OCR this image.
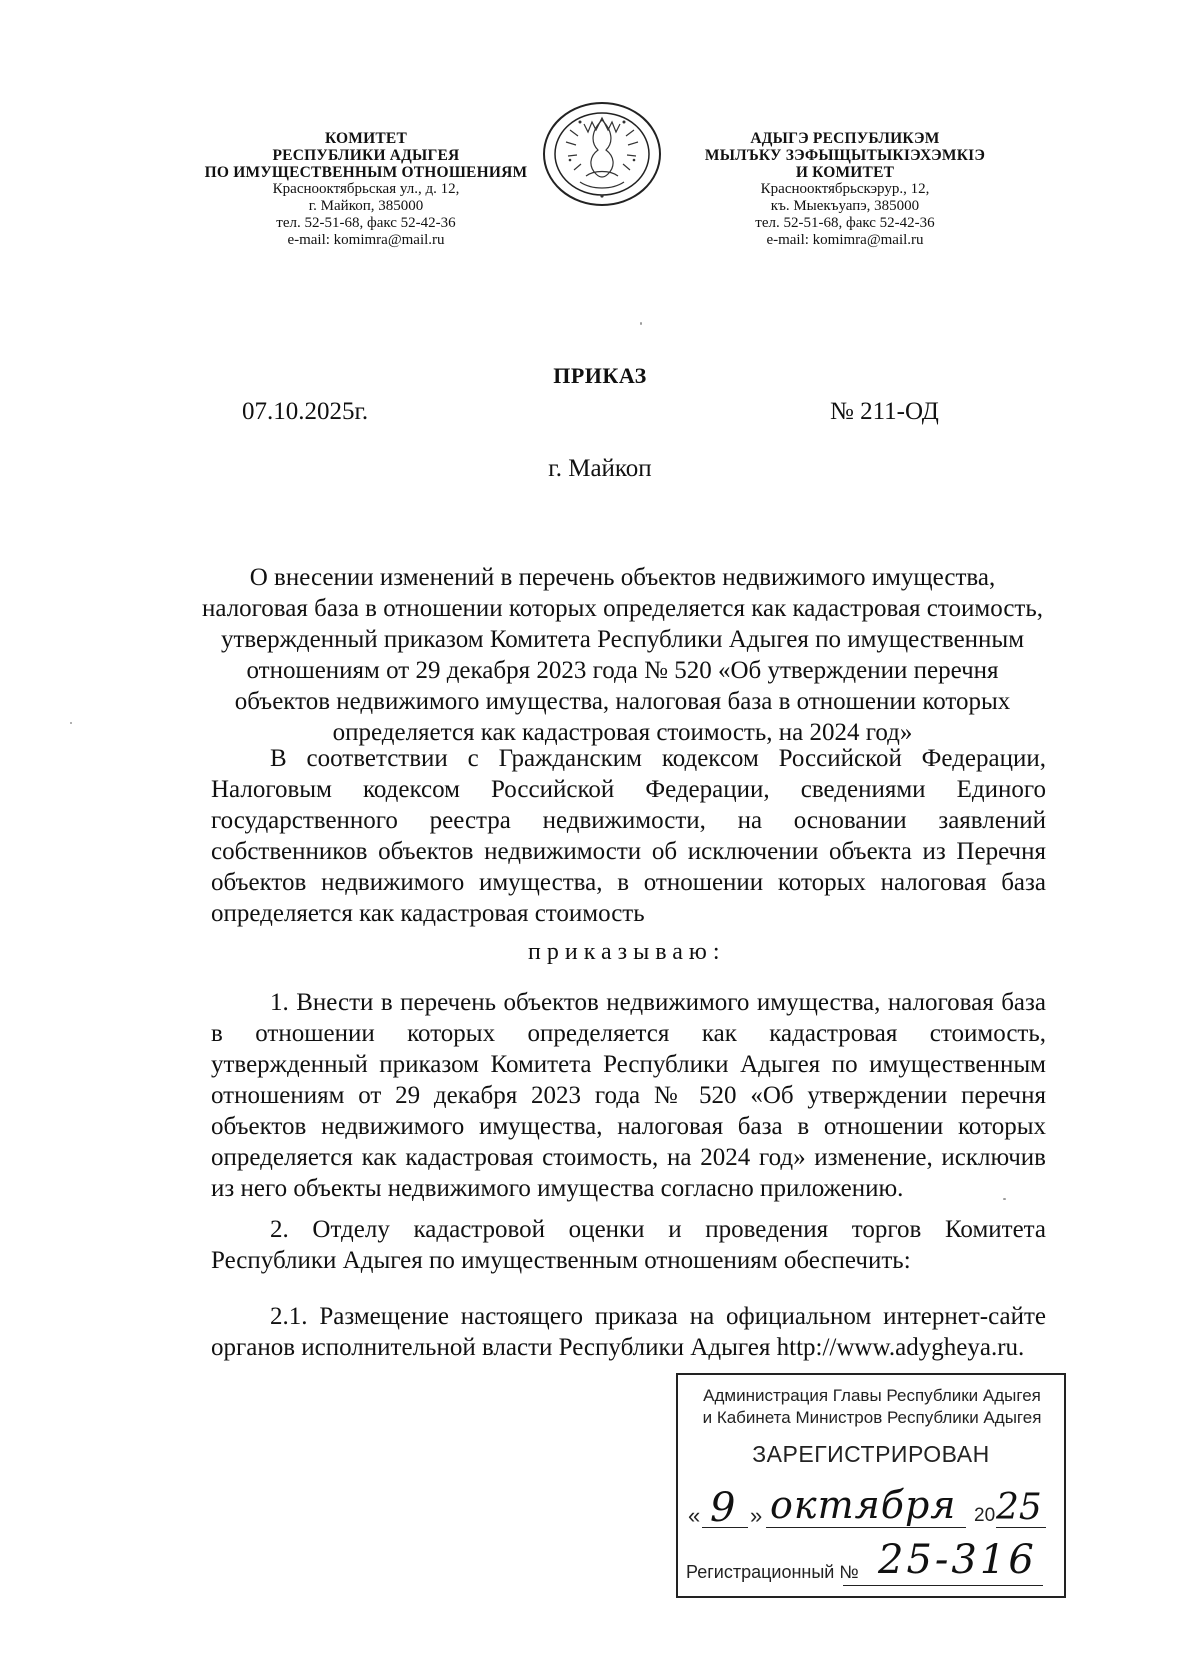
КОМИТЕТ
РЕСПУБЛИКИ АДЫГЕЯ
ПО ИМУЩЕСТВЕННЫМ ОТНОШЕНИЯМ
Краснооктябрьская ул., д. 12,
г. Майкоп, 385000
тел. 52-51-68, факс 52-42-36
e-mail: komimra@mail.ru
АДЫГЭ РЕСПУБЛИКЭМ
МЫЛЪКУ ЗЭФЫЩЫТЫКIЭХЭМКIЭ
И КОМИТЕТ
Краснооктябрьскэрур., 12,
къ. Мыекъуапэ, 385000
тел. 52-51-68, факс 52-42-36
e-mail: komimra@mail.ru
ПРИКАЗ
07.10.2025г.	№ 211-ОД
г. Майкоп
О внесении изменений в перечень объектов недвижимого имущества, налоговая база в отношении которых определяется как кадастровая стоимость, утвержденный приказом Комитета Республики Адыгея по имущественным отношениям от 29 декабря 2023 года № 520 «Об утверждении перечня объектов недвижимого имущества, налоговая база в отношении которых определяется как кадастровая стоимость, на 2024 год»
В соответствии с Гражданским кодексом Российской Федерации, Налоговым кодексом Российской Федерации, сведениями Единого государственного реестра недвижимости, на основании заявлений собственников объектов недвижимости об исключении объекта из Перечня объектов недвижимого имущества, в отношении которых налоговая база определяется как кадастровая стоимость
приказываю:
1. Внести в перечень объектов недвижимого имущества, налоговая база в отношении которых определяется как кадастровая стоимость, утвержденный приказом Комитета Республики Адыгея по имущественным отношениям от 29 декабря 2023 года № 520 «Об утверждении перечня объектов недвижимого имущества, налоговая база в отношении которых определяется как кадастровая стоимость, на 2024 год» изменение, исключив из него объекты недвижимого имущества согласно приложению.
2. Отделу кадастровой оценки и проведения торгов Комитета Республики Адыгея по имущественным отношениям обеспечить:
2.1. Размещение настоящего приказа на официальном интернет-сайте органов исполнительной власти Республики Адыгея http://www.adygheya.ru.
Администрация Главы Республики Адыгея
и Кабинета Министров Республики Адыгея
ЗАРЕГИСТРИРОВАН
« 9 » октября 20 25
Регистрационный № 25-316
